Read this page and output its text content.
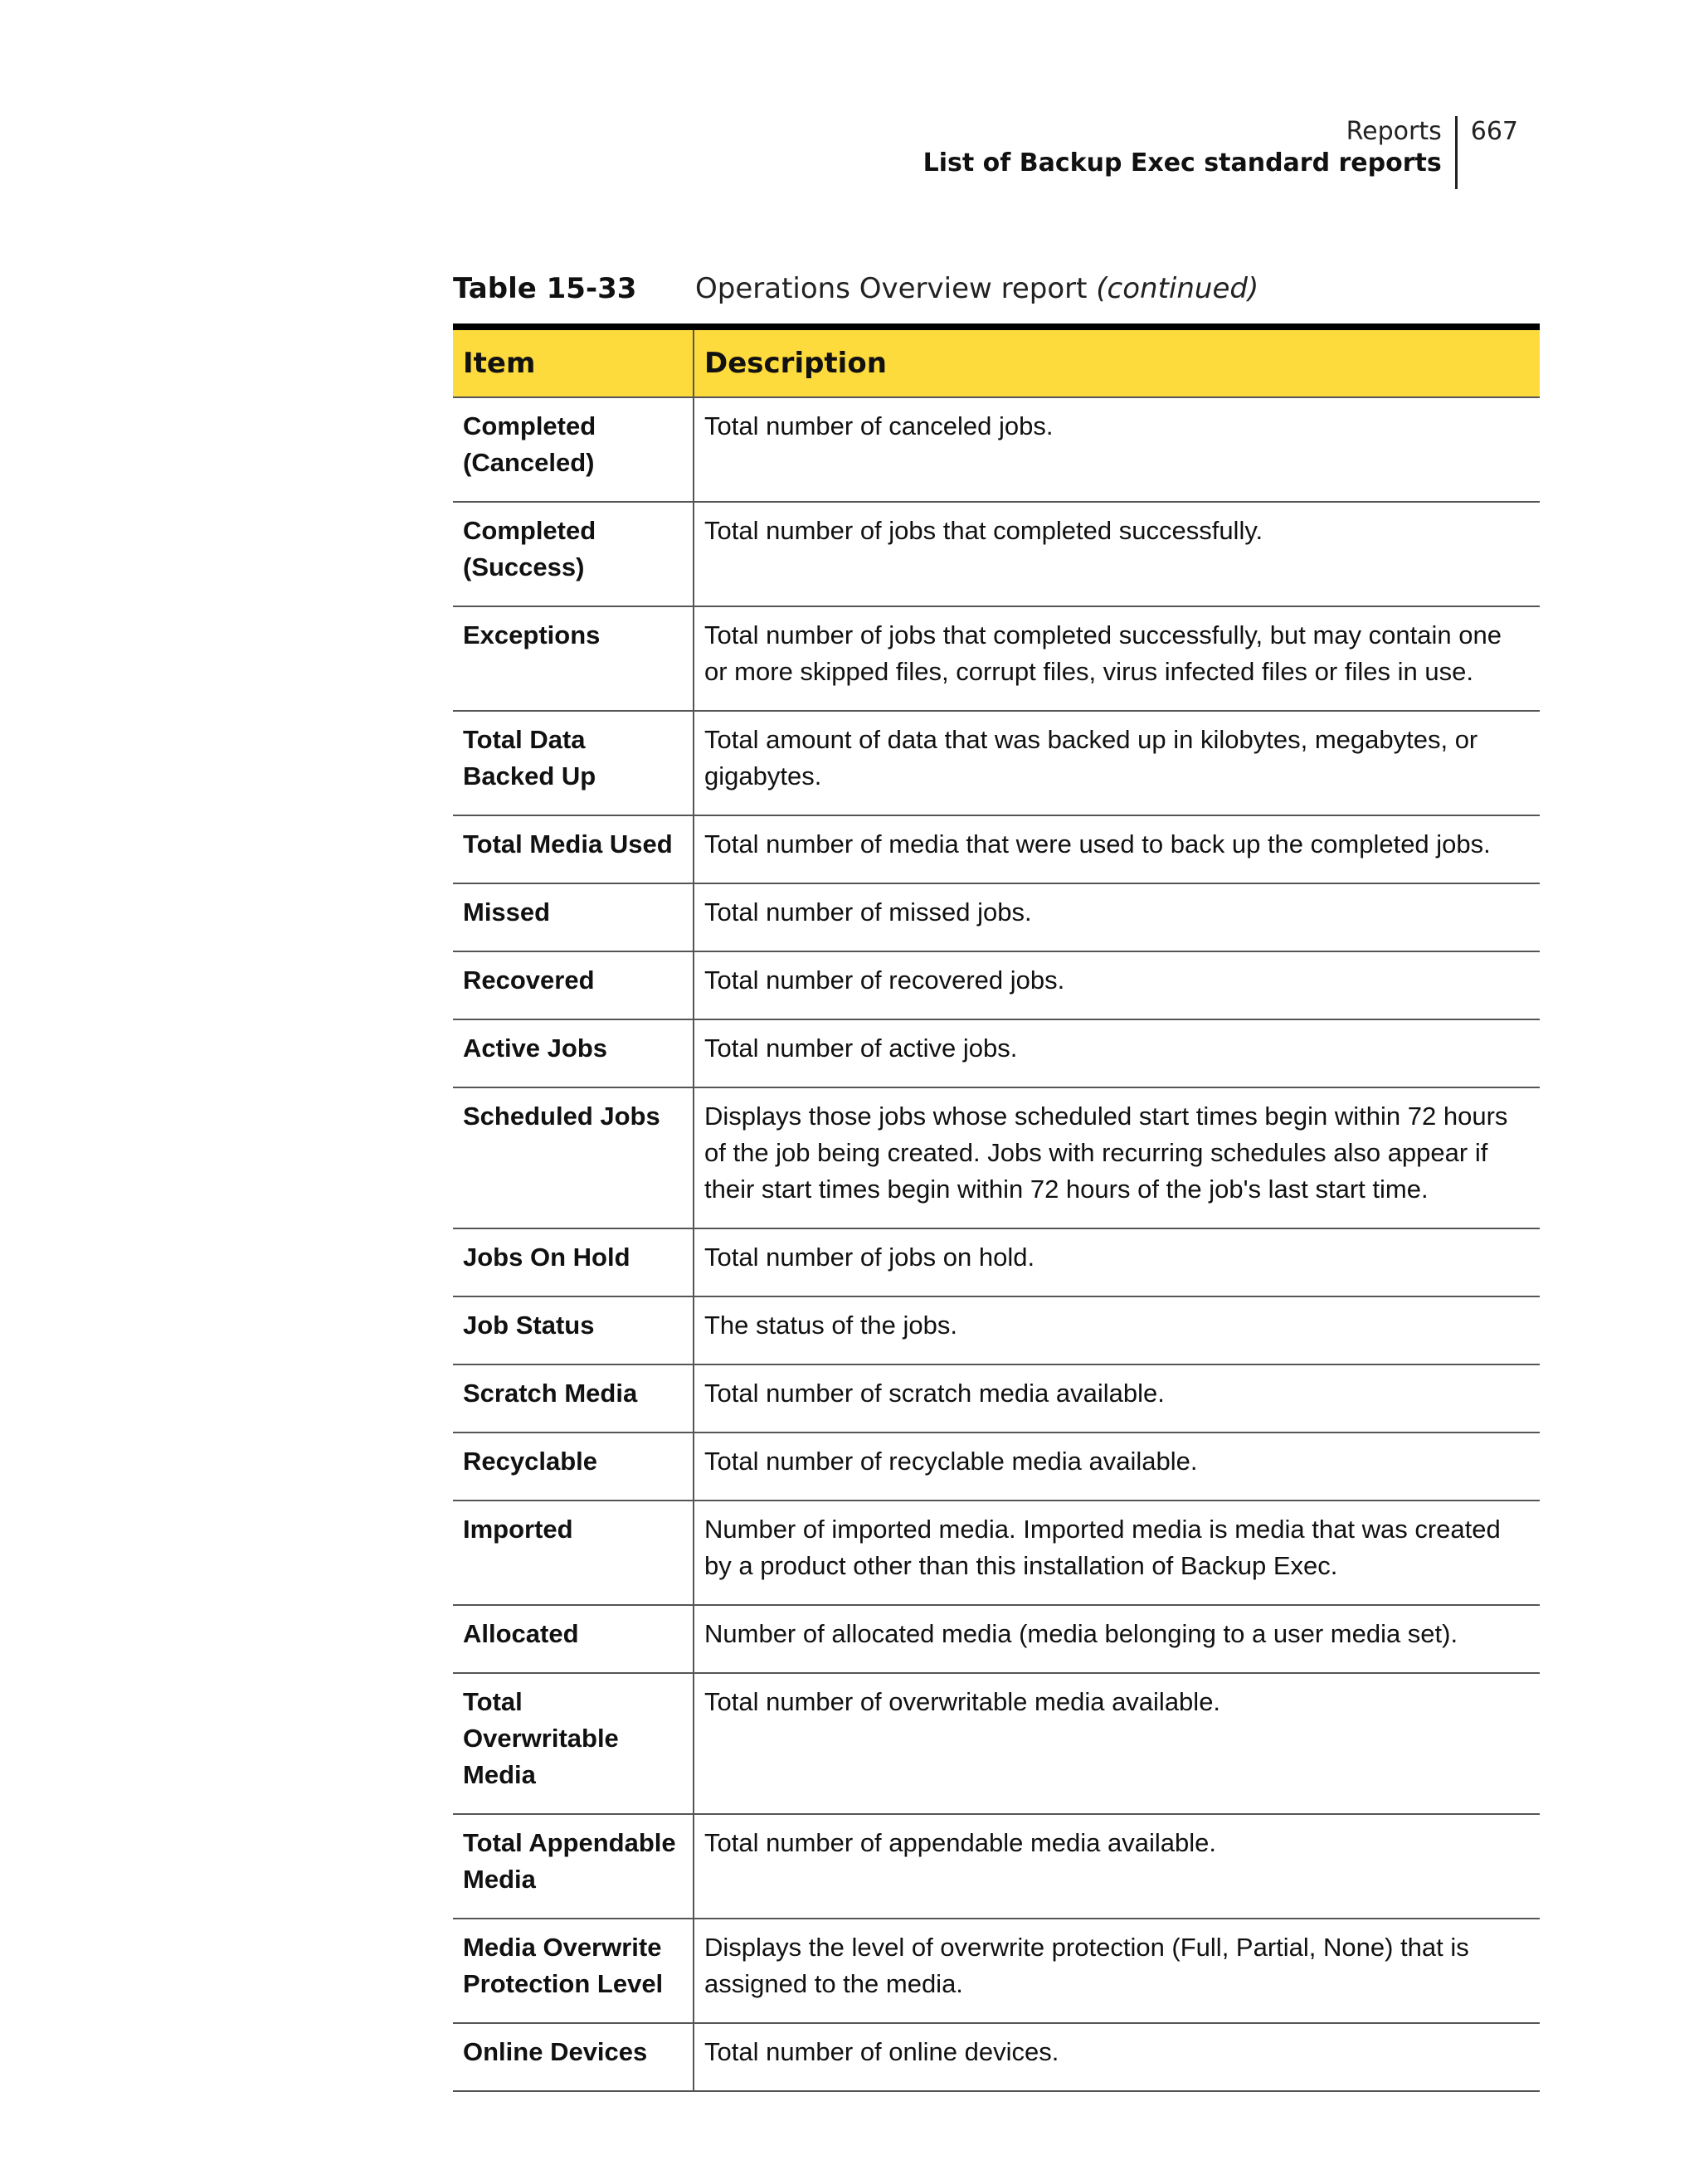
Reports
List of Backup Exec standard reports
667
Table 15-33 Operations Overview report (continued)
Item	Description
Completed (Canceled)	Total number of canceled jobs.
Completed (Success)	Total number of jobs that completed successfully.
Exceptions	Total number of jobs that completed successfully, but may contain one or more skipped files, corrupt files, virus infected files or files in use.
Total Data Backed Up	Total amount of data that was backed up in kilobytes, megabytes, or gigabytes.
Total Media Used	Total number of media that were used to back up the completed jobs.
Missed	Total number of missed jobs.
Recovered	Total number of recovered jobs.
Active Jobs	Total number of active jobs.
Scheduled Jobs	Displays those jobs whose scheduled start times begin within 72 hours of the job being created. Jobs with recurring schedules also appear if their start times begin within 72 hours of the job's last start time.
Jobs On Hold	Total number of jobs on hold.
Job Status	The status of the jobs.
Scratch Media	Total number of scratch media available.
Recyclable	Total number of recyclable media available.
Imported	Number of imported media. Imported media is media that was created by a product other than this installation of Backup Exec.
Allocated	Number of allocated media (media belonging to a user media set).
Total Overwritable Media	Total number of overwritable media available.
Total Appendable Media	Total number of appendable media available.
Media Overwrite Protection Level	Displays the level of overwrite protection (Full, Partial, None) that is assigned to the media.
Online Devices	Total number of online devices.
